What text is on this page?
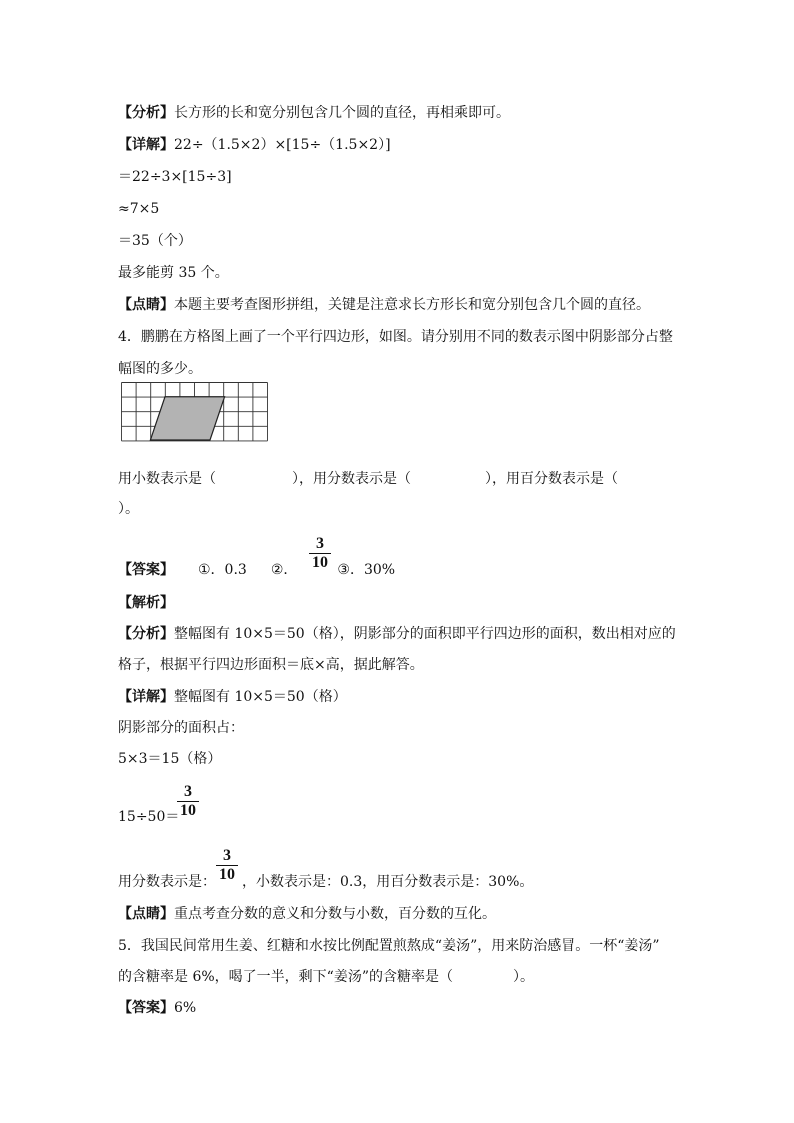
【分析】长方形的长和宽分别包含几个圆的直径，再相乘即可。
【详解】22÷（1.5×2）×[15÷（1.5×2）]
＝22÷3×[15÷3]
≈7×5
＝35（个）
最多能剪 35 个。
【点睛】本题主要考查图形拼组，关键是注意求长方形长和宽分别包含几个圆的直径。
4．鹏鹏在方格图上画了一个平行四边形，如图。请分别用不同的数表示图中阴影部分占整
幅图的多少。
用小数表示是（	），用分数表示是（	），用百分数表示是（
）。
【答案】 ①．0.3 ②．	③．30%
3
10
【解析】
【分析】整幅图有 10×5＝50（格），阴影部分的面积即平行四边形的面积，数出相对应的
格子，根据平行四边形面积＝底×高，据此解答。
【详解】整幅图有 10×5＝50（格）
阴影部分的面积占：
5×3＝15（格）
15÷50＝
3
10
用分数表示是： ，小数表示是：0.3，用百分数表示是：30%。
3
10
【点睛】重点考查分数的意义和分数与小数，百分数的互化。
5．我国民间常用生姜、红糖和水按比例配置煎熬成“姜汤”，用来防治感冒。一杯“姜汤”
的含糖率是 6%，喝了一半，剩下“姜汤”的含糖率是（	）。
【答案】6%
